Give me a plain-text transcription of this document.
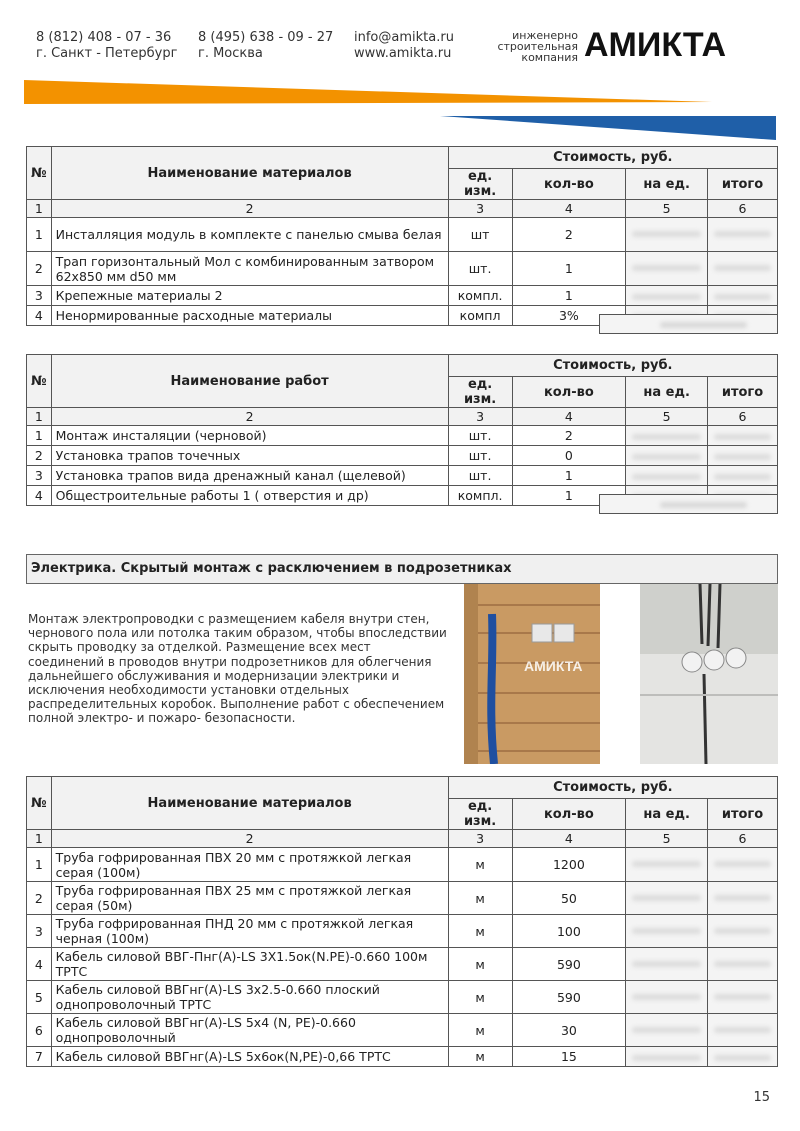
8 (812) 408 - 07 - 36
г. Санкт - Петербург
8 (495) 638 - 09 - 27
г. Москва
info@amikta.ru
www.amikta.ru
инженерно
строительная
компания АМИКТА
№	Наименование материалов	Стоимость, руб.			
		ед. изм.	кол-во	на ед.	итого
1	2	3	4	5	6
1	Инсталляция модуль в комплекте с панелью смыва белая	шт	2		
2	Трап горизонтальный Мол с комбинированным затвором 62x850 мм d50 мм	шт.	1		
3	Крепежные материалы 2	компл.	1		
4	Ненормированные расходные материалы	компл	3%		
№	Наименование работ	Стоимость, руб.			
		ед. изм.	кол-во	на ед.	итого
1	2	3	4	5	6
1	Монтаж инсталяции (черновой)	шт.	2		
2	Установка трапов точечных	шт.	0		
3	Установка трапов вида дренажный канал (щелевой)	шт.	1		
4	Общестроительные работы 1 ( отверстия и др)	компл.	1		
Электрика. Скрытый монтаж с расключением в подрозетниках
Монтаж электропроводки с размещением кабеля внутри стен, чернового пола или потолка таким образом, чтобы впоследствии скрыть проводку за отделкой. Размещение всех мест соединений в проводов внутри подрозетников для облегчения дальнейшего обслуживания и модернизации электрики и исключения необходимости установки отдельных распределительных коробок. Выполнение работ с обеспечением полной электро- и пожаро- безопасности.
АМИКТА
№	Наименование материалов	Стоимость, руб.			
		ед. изм.	кол-во	на ед.	итого
1	2	3	4	5	6
1	Труба гофрированная ПВХ 20 мм с протяжкой легкая серая (100м)	м	1200		
2	Труба гофрированная ПВХ 25 мм с протяжкой легкая серая (50м)	м	50		
3	Труба гофрированная ПНД 20 мм с протяжкой легкая черная (100м)	м	100		
4	Кабель силовой ВВГ-Пнг(А)-LS 3X1.5ок(N.PE)-0.660 100м ТРТС	м	590		
5	Кабель силовой ВВГнг(А)-LS 3x2.5-0.660 плоский однопроволочный ТРТС	м	590		
6	Кабель силовой ВВГнг(А)-LS 5x4 (N, PE)-0.660 однопроволочный	м	30		
7	Кабель силовой ВВГнг(А)-LS 5x6ок(N,PE)-0,66 ТРТС	м	15		
15
